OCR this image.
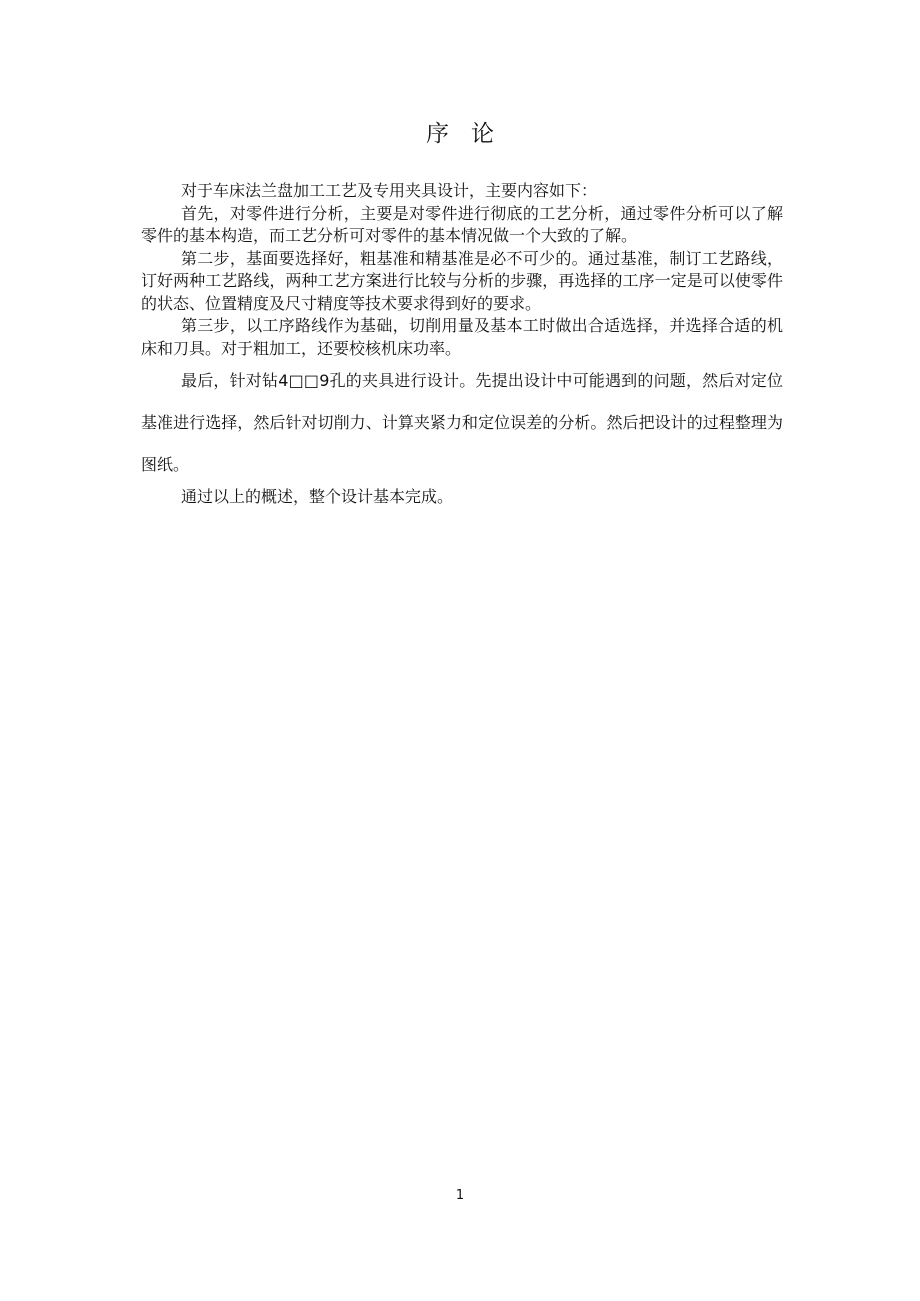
序论

对于车床法兰盘加工工艺及专用夹具设计，主要内容如下：

首先，对零件进行分析，主要是对零件进行彻底的工艺分析，通过零件分析可以了解零件的基本构造，而工艺分析可对零件的基本情况做一个大致的了解。

第二步，基面要选择好，粗基准和精基准是必不可少的。通过基准，制订工艺路线，订好两种工艺路线，两种工艺方案进行比较与分析的步骤，再选择的工序一定是可以使零件的状态、位置精度及尺寸精度等技术要求得到好的要求。

第三步，以工序路线作为基础，切削用量及基本工时做出合适选择，并选择合适的机床和刀具。对于粗加工，还要校核机床功率。

最后，针对钻4□□9孔的夹具进行设计。先提出设计中可能遇到的问题，然后对定位基准进行选择，然后针对切削力、计算夹紧力和定位误差的分析。然后把设计的过程整理为图纸。

通过以上的概述，整个设计基本完成。

1
